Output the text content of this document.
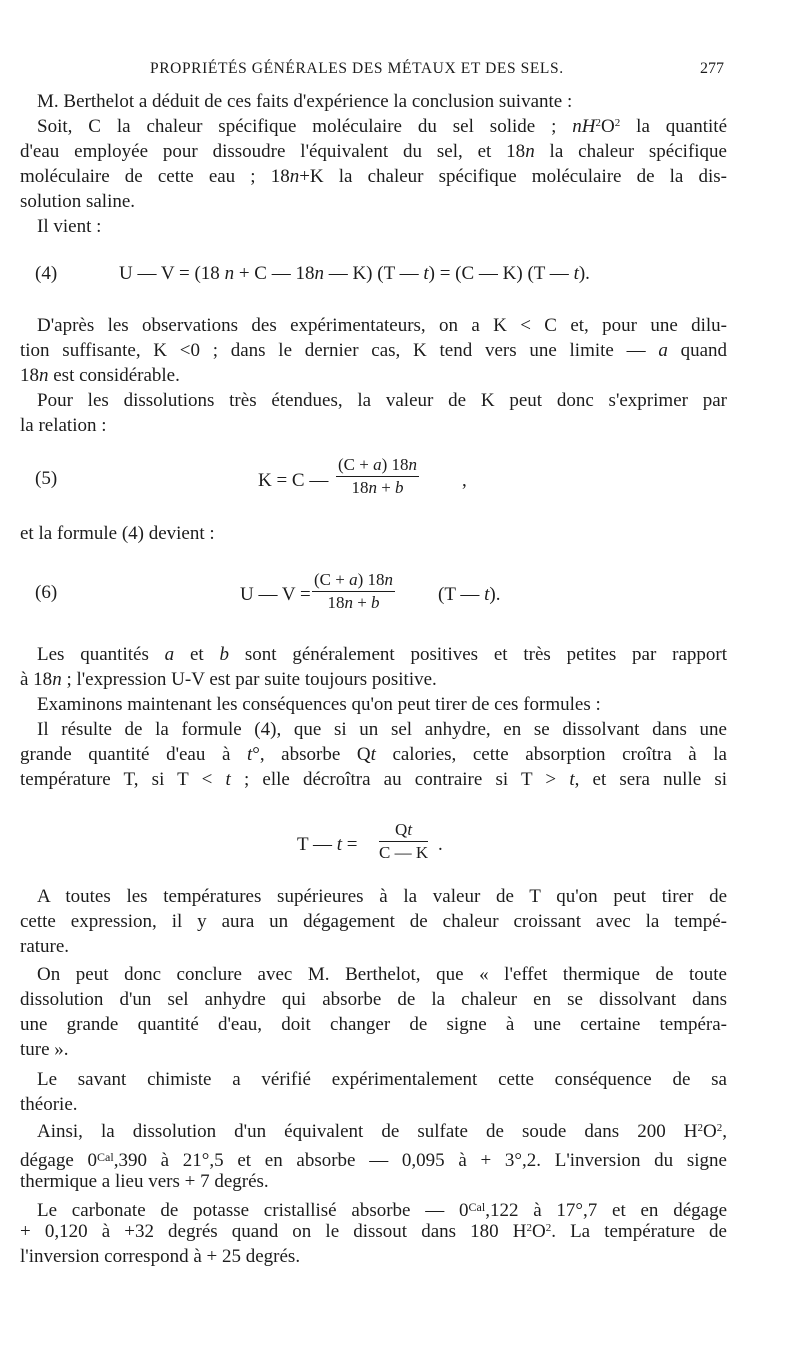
PROPRIÉTÉS GÉNÉRALES DES MÉTAUX ET DES SELS.	277
M. Berthelot a déduit de ces faits d'expérience la conclusion suivante :
Soit, C la chaleur spécifique moléculaire du sel solide ; $nH^2O^2$ la quantité
d'eau employée pour dissoudre l'équivalent du sel, et 18n la chaleur spécifique
moléculaire de cette eau ; 18n+K la chaleur spécifique moléculaire de la dis-
solution saline.
Il vient :
(4)	U — V = (18 n + C — 18n — K) (T — t) = (C — K) (T — t).
D'après les observations des expérimentateurs, on a K < C et, pour une dilu-
tion suffisante, K <0 ; dans le dernier cas, K tend vers une limite — a quand
18n est considérable.
Pour les dissolutions très étendues, la valeur de K peut donc s'exprimer par
la relation :
(5)	K = C — $\frac{(C + a) 18n}{18n + b}$ ,
et la formule (4) devient :
(6)	U — $V = \frac{(C + a) 18n}{18n + b} (T$ — t).
Les quantités a et b sont généralement positives et très petites par rapport
à 18n ; l'expression U-V est par suite toujours positive.
Examinons maintenant les conséquences qu'on peut tirer de ces formules :
Il résulte de la formule (4), que si un sel anhydre, en se dissolvant dans une
grande quantité d'eau à t°, absorbe Qt calories, cette absorption croîtra à la
température T, si T < t ; elle décroîtra au contraire si T > t, et sera nulle si
T — $t = \frac{Qt}{C — K}$ .
A toutes les températures supérieures à la valeur de T qu'on peut tirer de
cette expression, il y aura un dégagement de chaleur croissant avec la tempé-
rature.
On peut donc conclure avec M. Berthelot, que « l'effet thermique de toute
dissolution d'un sel anhydre qui absorbe de la chaleur en se dissolvant dans
une grande quantité d'eau, doit changer de signe à une certaine tempéra-
ture ».
Le savant chimiste a vérifié expérimentalement cette conséquence de sa
théorie.
Ainsi, la dissolution d'un équivalent de sulfate de soude dans 200 $H^2O^2$,
dégage $0^{Cal},390$ à 21°,5 et en absorbe — 0,095 à + 3°,2. L'inversion du signe
thermique a lieu vers + 7 degrés.
Le carbonate de potasse cristallisé absorbe — $0^{Cal},122$ à 17°,7 et en dégage
+ 0,120 à +32 degrés quand on le dissout dans 180 $H^2O^2$. La température de
l'inversion correspond à + 25 degrés.
